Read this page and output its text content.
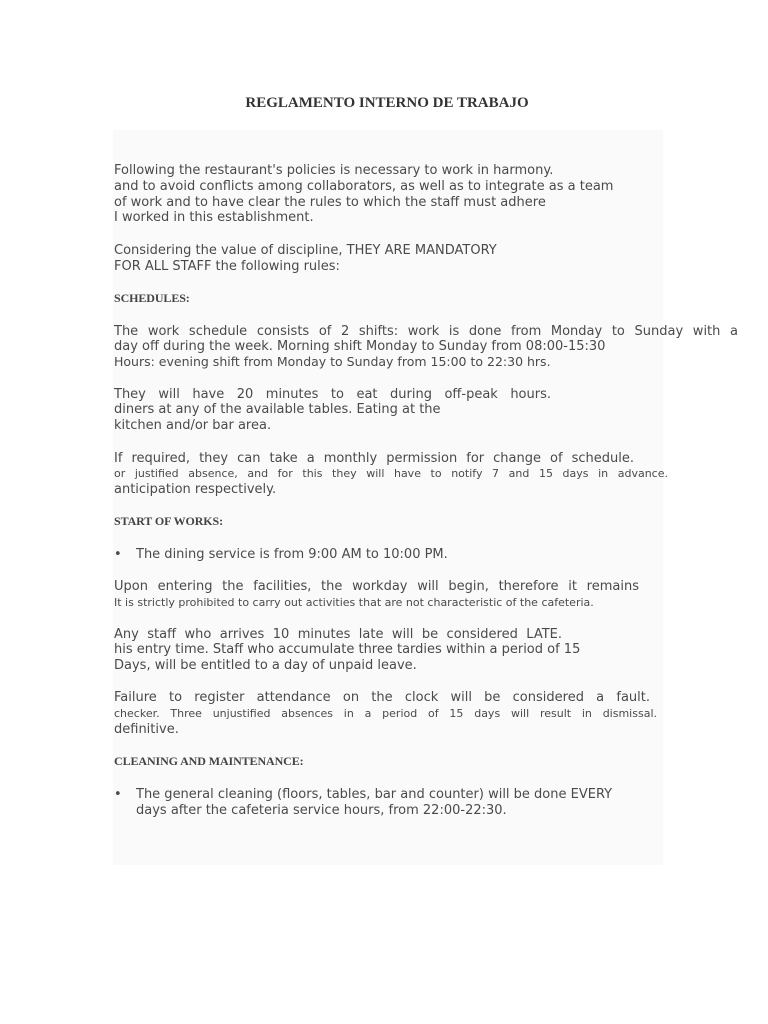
REGLAMENTO INTERNO DE TRABAJO
Following the restaurant's policies is necessary to work in harmony.
and to avoid conflicts among collaborators, as well as to integrate as a team
of work and to have clear the rules to which the staff must adhere
I worked in this establishment.
Considering the value of discipline, THEY ARE MANDATORY
FOR ALL STAFF the following rules:
SCHEDULES:
The work schedule consists of 2 shifts: work is done from Monday to Sunday with a
day off during the week. Morning shift Monday to Sunday from 08:00-15:30
Hours: evening shift from Monday to Sunday from 15:00 to 22:30 hrs.
They will have 20 minutes to eat during off-peak hours.
diners at any of the available tables. Eating at the
kitchen and/or bar area.
If required, they can take a monthly permission for change of schedule.
or justified absence, and for this they will have to notify 7 and 15 days in advance.
anticipation respectively.
START OF WORKS:
• The dining service is from 9:00 AM to 10:00 PM.
Upon entering the facilities, the workday will begin, therefore it remains
It is strictly prohibited to carry out activities that are not characteristic of the cafeteria.
Any staff who arrives 10 minutes late will be considered LATE.
his entry time. Staff who accumulate three tardies within a period of 15
Days, will be entitled to a day of unpaid leave.
Failure to register attendance on the clock will be considered a fault.
checker. Three unjustified absences in a period of 15 days will result in dismissal.
definitive.
CLEANING AND MAINTENANCE:
• The general cleaning (floors, tables, bar and counter) will be done EVERY
days after the cafeteria service hours, from 22:00-22:30.
